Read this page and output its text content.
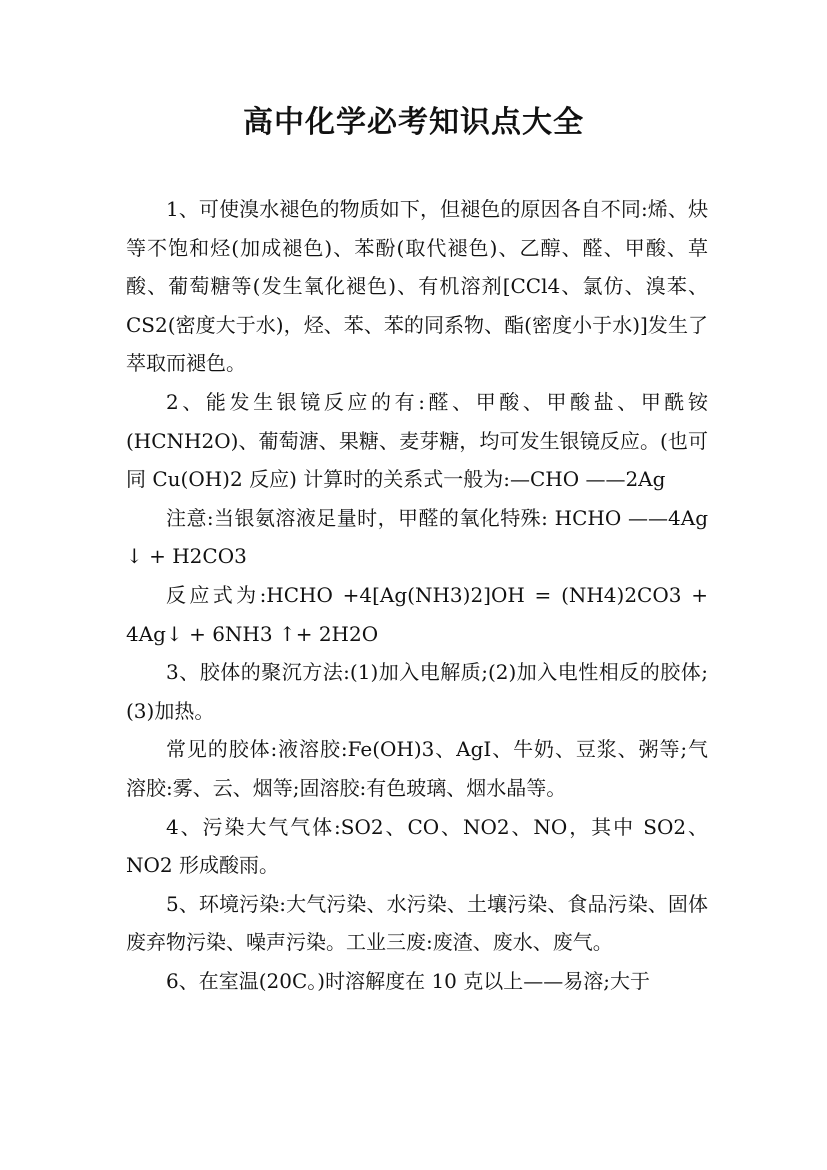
高中化学必考知识点大全

1、可使溴水褪色的物质如下，但褪色的原因各自不同:烯、炔等不饱和烃(加成褪色)、苯酚(取代褪色)、乙醇、醛、甲酸、草酸、葡萄糖等(发生氧化褪色)、有机溶剂[CCl4、氯仿、溴苯、CS2(密度大于水)，烃、苯、苯的同系物、酯(密度小于水)]发生了萃取而褪色。

2、能发生银镜反应的有:醛、甲酸、甲酸盐、甲酰铵(HCNH2O)、葡萄溏、果糖、麦芽糖，均可发生银镜反应。(也可同 Cu(OH)2 反应) 计算时的关系式一般为:—CHO ——2Ag

注意:当银氨溶液足量时，甲醛的氧化特殊: HCHO ——4Ag ↓ + H2CO3

反应式为:HCHO +4[Ag(NH3)2]OH = (NH4)2CO3 + 4Ag↓ + 6NH3 ↑+ 2H2O

3、胶体的聚沉方法:(1)加入电解质;(2)加入电性相反的胶体;(3)加热。

常见的胶体:液溶胶:Fe(OH)3、AgI、牛奶、豆浆、粥等;气溶胶:雾、云、烟等;固溶胶:有色玻璃、烟水晶等。

4、污染大气气体:SO2、CO、NO2、NO，其中 SO2、NO2 形成酸雨。

5、环境污染:大气污染、水污染、土壤污染、食品污染、固体废弃物污染、噪声污染。工业三废:废渣、废水、废气。

6、在室温(20C。)时溶解度在 10 克以上——易溶;大于
